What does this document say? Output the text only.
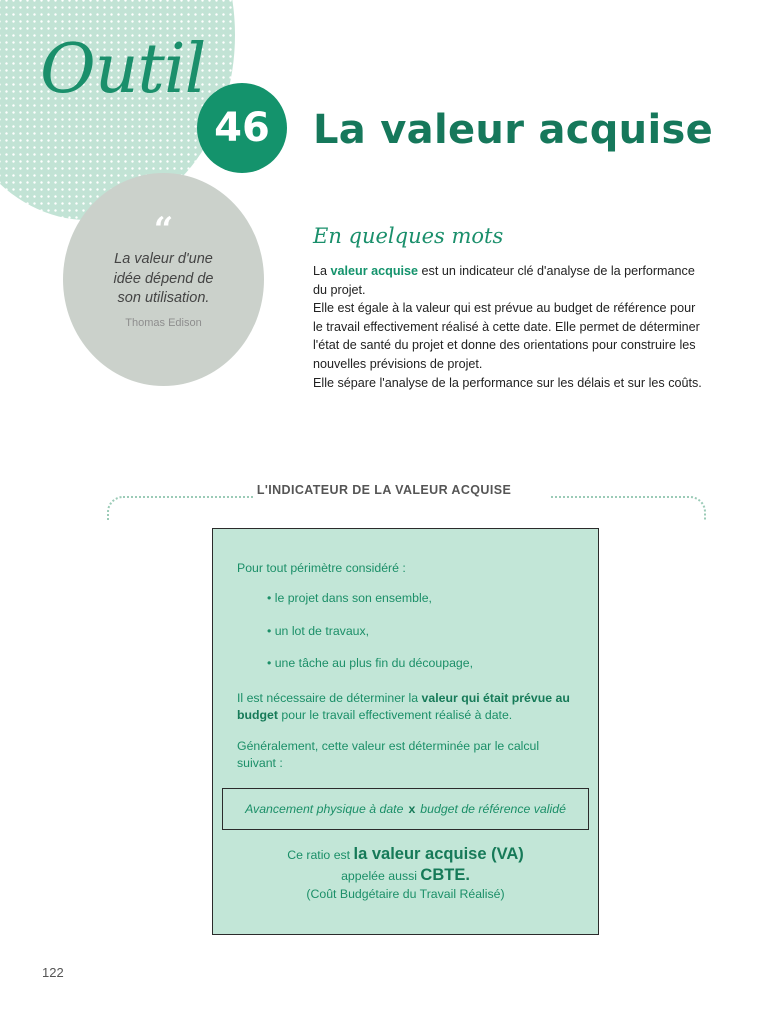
Outil
46	La valeur acquise
“
La valeur d'une
idée dépend de
son utilisation.
Thomas Edison
En quelques mots

La valeur acquise est un indicateur clé d'analyse de la performance du projet.

Elle est égale à la valeur qui est prévue au budget de référence pour le travail effectivement réalisé à cette date. Elle permet de déterminer l'état de santé du projet et donne des orientations pour construire les nouvelles prévisions de projet.

Elle sépare l'analyse de la performance sur les délais et sur les coûts.

L'INDICATEUR DE LA VALEUR ACQUISE

Pour tout périmètre considéré :

• le projet dans son ensemble,

• un lot de travaux,

• une tâche au plus fin du découpage,

Il est nécessaire de déterminer la valeur qui était prévue au
budget pour le travail effectivement réalisé à date.

Généralement, cette valeur est déterminée par le calcul
suivant :

Avancement physique à date x budget de référence validé
Ce ratio est la valeur acquise (VA)
appelée aussi CBTE.
(Coût Budgétaire du Travail Réalisé)
122
